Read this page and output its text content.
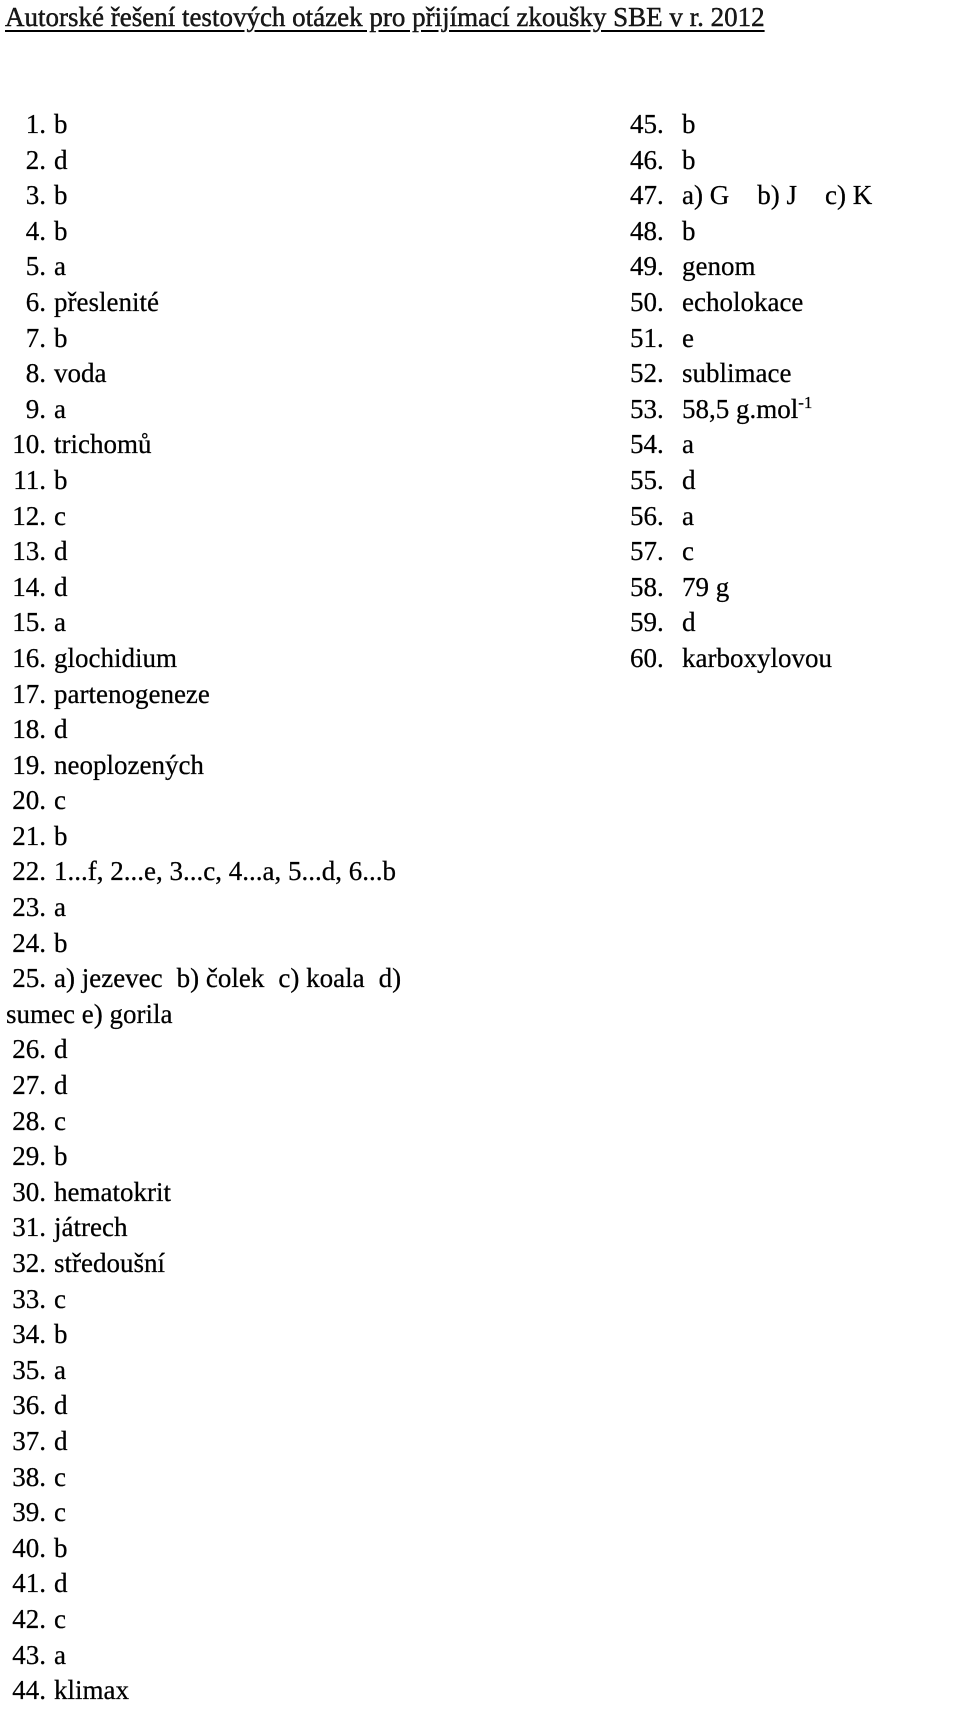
Autorské řešení testových otázek pro přijímací zkoušky SBE v r. 2012
1. b
2. d
3. b
4. b
5. a
6. přeslenité
7. b
8. voda
9. a
10. trichomů
11. b
12. c
13. d
14. d
15. a
16. glochidium
17. partenogeneze
18. d
19. neoplozených
20. c
21. b
22. 1...f, 2...e, 3...c, 4...a, 5...d, 6...b
23. a
24. b
25. a) jezevec b) čolek c) koala d)
sumec e) gorila
26. d
27. d
28. c
29. b
30. hematokrit
31. játrech
32. středoušní
33. c
34. b
35. a
36. d
37. d
38. c
39. c
40. b
41. d
42. c
43. a
44. klimax
45. b
46. b
47. a) G b) J c) K
48. b
49. genom
50. echolokace
51. e
52. sublimace
53. 58,5 g.mol$^{-1}$
54. a
55. d
56. a
57. c
58. 79 g
59. d
60. karboxylovou
